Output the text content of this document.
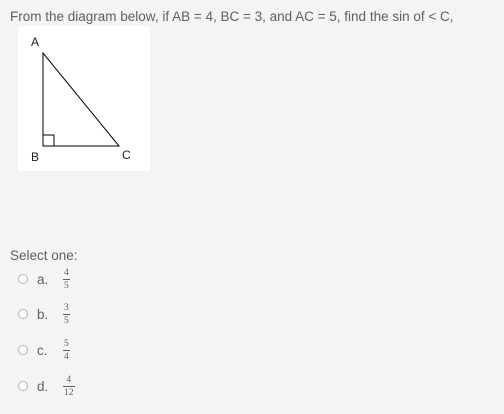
From the diagram below, if AB = 4, BC = 3, and AC = 5, find the sin of < C,
A
B	C
Select one:
a.	$\frac{4}{5}$
b.	$\frac{3}{5}$
c.	$\frac{5}{4}$
d.	$\frac{4}{12}$
